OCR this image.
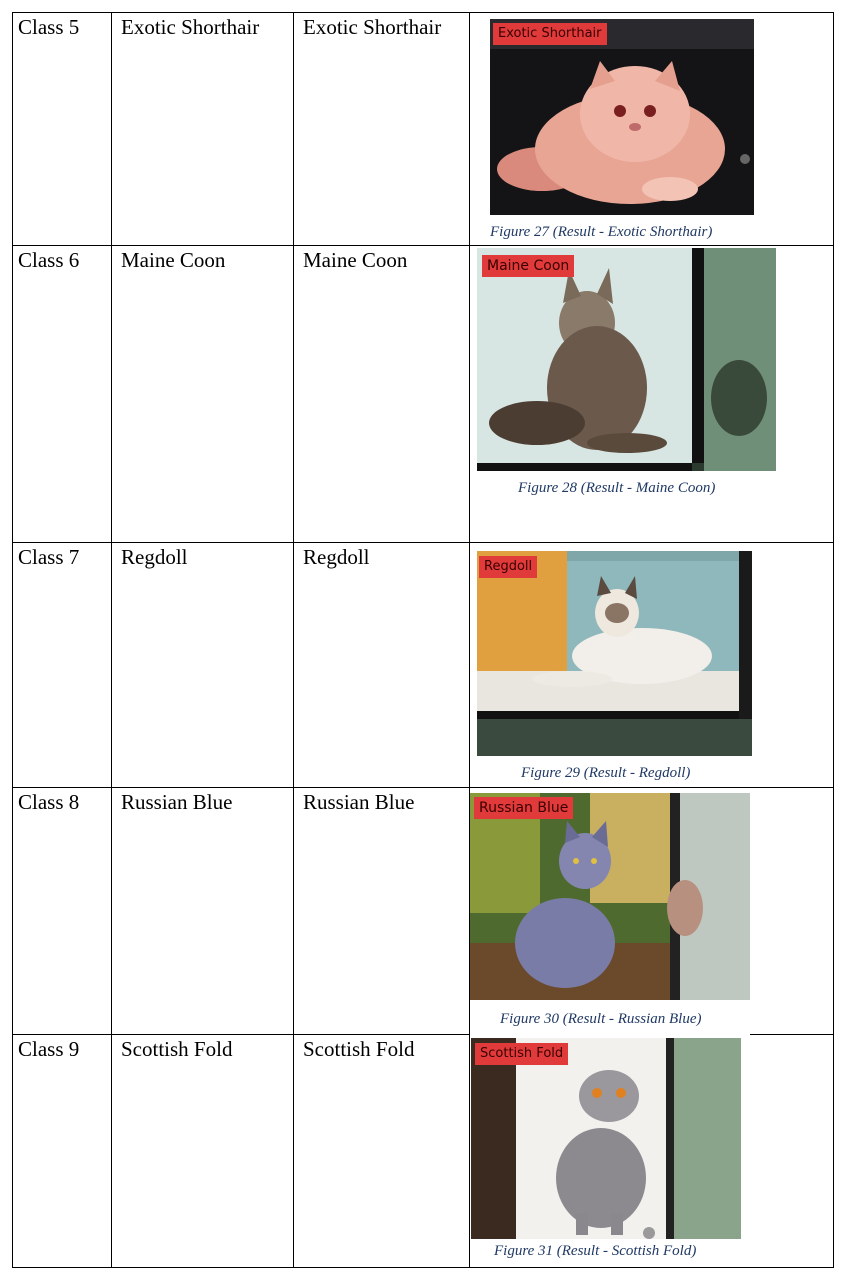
Class 5	Exotic Shorthair	Exotic Shorthair	Exotic Shorthair
Figure 27 (Result - Exotic Shorthair)
Class 6	Maine Coon	Maine Coon	Maine Coon
Figure 28 (Result - Maine Coon)
Class 7	Regdoll	Regdoll	Regdoll
Figure 29 (Result - Regdoll)
Class 8	Russian Blue	Russian Blue	Russian Blue
Figure 30 (Result - Russian Blue)
Class 9	Scottish Fold	Scottish Fold	Scottish Fold
Figure 31 (Result - Scottish Fold)
